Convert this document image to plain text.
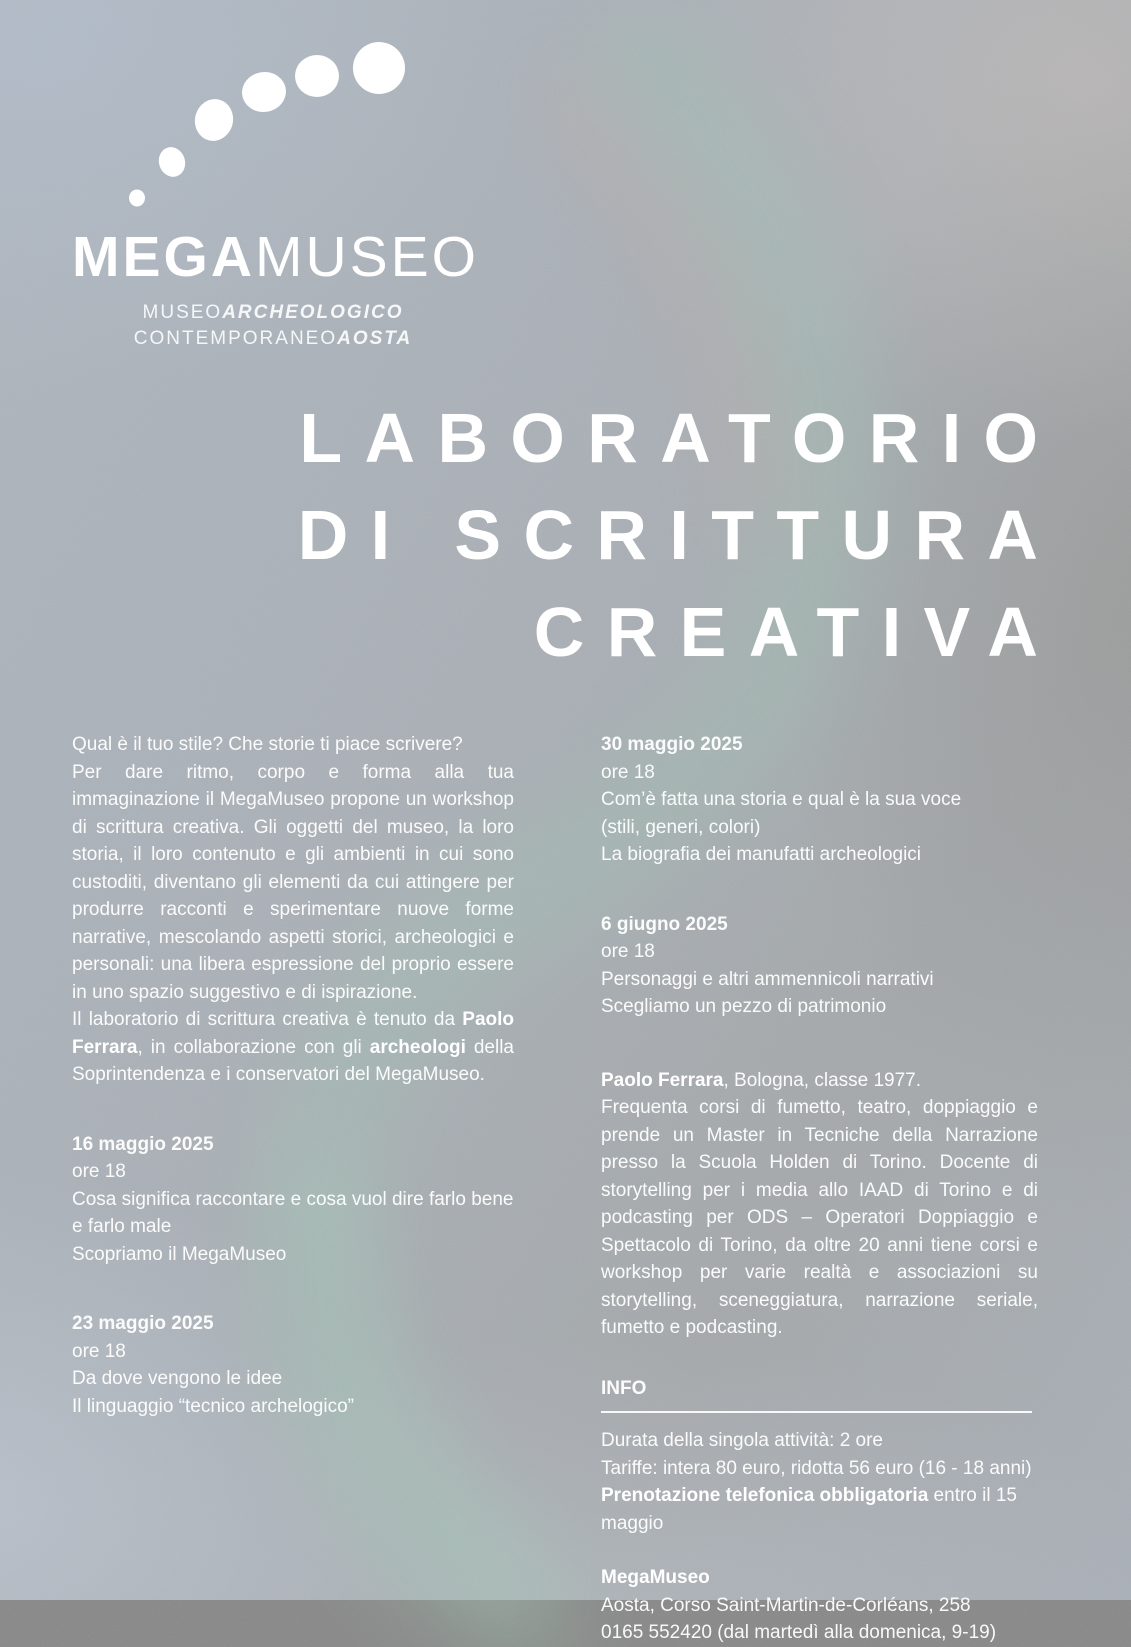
MEGAMUSEO
MUSEOARCHEOLOGICO
CONTEMPORANEOAOSTA
LABORATORIO
DI SCRITTURA
CREATIVA

Qual è il tuo stile? Che storie ti piace scrivere?

Per dare ritmo, corpo e forma alla tua immaginazione il MegaMuseo propone un workshop di scrittura creativa. Gli oggetti del museo, la loro storia, il loro contenuto e gli ambienti in cui sono custoditi, diventano gli elementi da cui attingere per produrre racconti e sperimentare nuove forme narrative, mescolando aspetti storici, archeologici e personali: una libera espressione del proprio essere in uno spazio suggestivo e di ispirazione.

Il laboratorio di scrittura creativa è tenuto da Paolo Ferrara, in collaborazione con gli archeologi della Soprintendenza e i conservatori del MegaMuseo.

16 maggio 2025
ore 18
Cosa significa raccontare e cosa vuol dire farlo bene e farlo male
Scopriamo il MegaMuseo
23 maggio 2025
ore 18
Da dove vengono le idee
Il linguaggio “tecnico archelogico”
30 maggio 2025
ore 18
Com’è fatta una storia e qual è la sua voce
(stili, generi, colori)
La biografia dei manufatti archeologici
6 giugno 2025
ore 18
Personaggi e altri ammennicoli narrativi
Scegliamo un pezzo di patrimonio

Paolo Ferrara, Bologna, classe 1977.

Frequenta corsi di fumetto, teatro, doppiaggio e prende un Master in Tecniche della Narrazione presso la Scuola Holden di Torino. Docente di storytelling per i media allo IAAD di Torino e di podcasting per ODS – Operatori Doppiaggio e Spettacolo di Torino, da oltre 20 anni tiene corsi e workshop per varie realtà e associazioni su storytelling, sceneggiatura, narrazione seriale, fumetto e podcasting.

INFO
Durata della singola attività: 2 ore
Tariffe: intera 80 euro, ridotta 56 euro (16 - 18 anni)
Prenotazione telefonica obbligatoria entro il 15 maggio
MegaMuseo
Aosta, Corso Saint-Martin-de-Corléans, 258
0165 552420 (dal martedì alla domenica, 9-19)
